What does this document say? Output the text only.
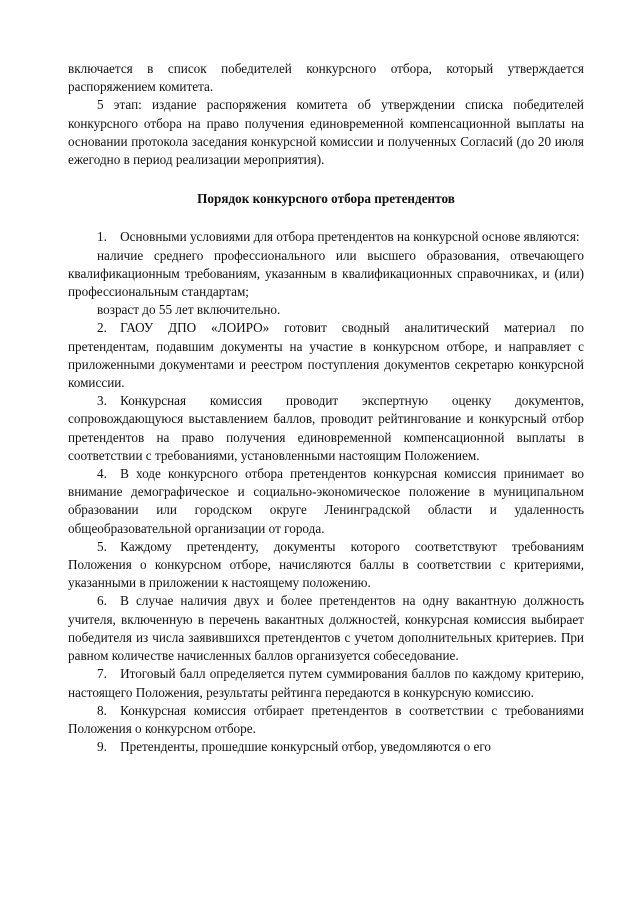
включается в список победителей конкурсного отбора, который утверждается распоряжением комитета.

5 этап: издание распоряжения комитета об утверждении списка победителей конкурсного отбора на право получения единовременной компенсационной выплаты на основании протокола заседания конкурсной комиссии и полученных Согласий (до 20 июля ежегодно в период реализации мероприятия).

Порядок конкурсного отбора претендентов

1. Основными условиями для отбора претендентов на конкурсной основе являются:

наличие среднего профессионального или высшего образования, отвечающего квалификационным требованиям, указанным в квалификационных справочниках, и (или) профессиональным стандартам;

возраст до 55 лет включительно.

2. ГАОУ ДПО «ЛОИРО» готовит сводный аналитический материал по претендентам, подавшим документы на участие в конкурсном отборе, и направляет с приложенными документами и реестром поступления документов секретарю конкурсной комиссии.

3. Конкурсная комиссия проводит экспертную оценку документов, сопровождающуюся выставлением баллов, проводит рейтингование и конкурсный отбор претендентов на право получения единовременной компенсационной выплаты в соответствии с требованиями, установленными настоящим Положением.

4. В ходе конкурсного отбора претендентов конкурсная комиссия принимает во внимание демографическое и социально-экономическое положение в муниципальном образовании или городском округе Ленинградской области и удаленность общеобразовательной организации от города.

5. Каждому претенденту, документы которого соответствуют требованиям Положения о конкурсном отборе, начисляются баллы в соответствии с критериями, указанными в приложении к настоящему положению.

6. В случае наличия двух и более претендентов на одну вакантную должность учителя, включенную в перечень вакантных должностей, конкурсная комиссия выбирает победителя из числа заявившихся претендентов с учетом дополнительных критериев. При равном количестве начисленных баллов организуется собеседование.

7. Итоговый балл определяется путем суммирования баллов по каждому критерию, настоящего Положения, результаты рейтинга передаются в конкурсную комиссию.

8. Конкурсная комиссия отбирает претендентов в соответствии с требованиями Положения о конкурсном отборе.

9. Претенденты, прошедшие конкурсный отбор, уведомляются о его
